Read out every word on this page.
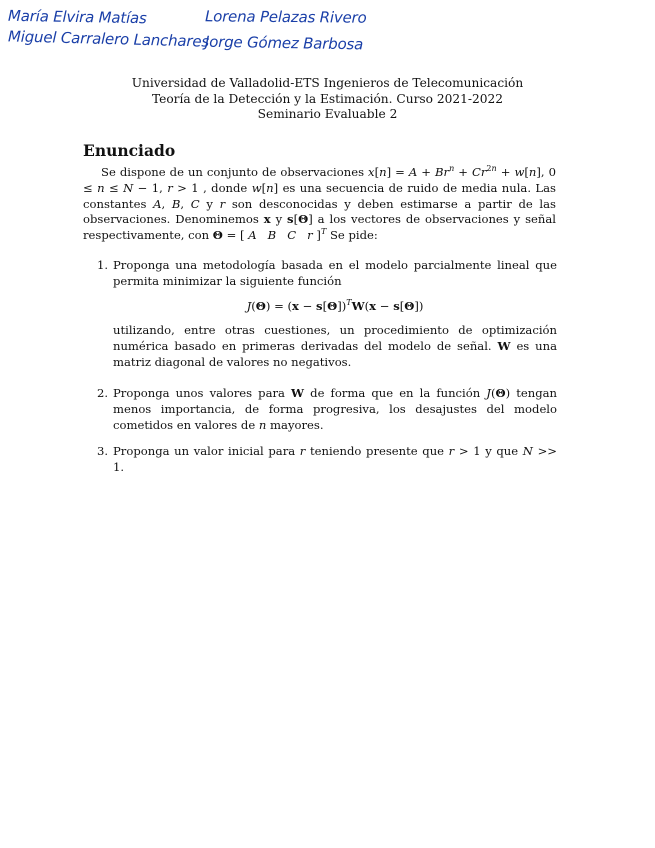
María Elvira Matías	Lorena Pelazas Rivero
Miguel Carralero Lanchares
Jorge Gómez Barbosa
Universidad de Valladolid-ETS Ingenieros de Telecomunicación
Teoría de la Detección y la Estimación. Curso 2021-2022
Seminario Evaluable 2
Enunciado
Se dispone de un conjunto de observaciones $x[n] = A + Br^n + Cr^{2n} + w[n]$, 0 ≤ n ≤ N − 1, r > 1 , donde w[n] es una secuencia de ruido de media nula. Las constantes A, B, C y r son desconocidas y deben estimarse a partir de las observaciones. Denominemos x y s[Θ] a los vectores de observaciones y señal respectivamente, con Θ = [ A B C r ]$^T$ Se pide:
1. Proponga una metodología basada en el modelo parcialmente lineal que permita minimizar la siguiente función
$J(\Theta) = (x - s[\Theta])^TW(x - s[\Theta])$
utilizando, entre otras cuestiones, un procedimiento de optimización numérica basado en primeras derivadas del modelo de señal. W es una matriz diagonal de valores no negativos.
2. Proponga unos valores para W de forma que en la función J(Θ) tengan menos importancia, de forma progresiva, los desajustes del modelo cometidos en valores de n mayores.
3. Proponga un valor inicial para r teniendo presente que r > 1 y que N >> 1.
